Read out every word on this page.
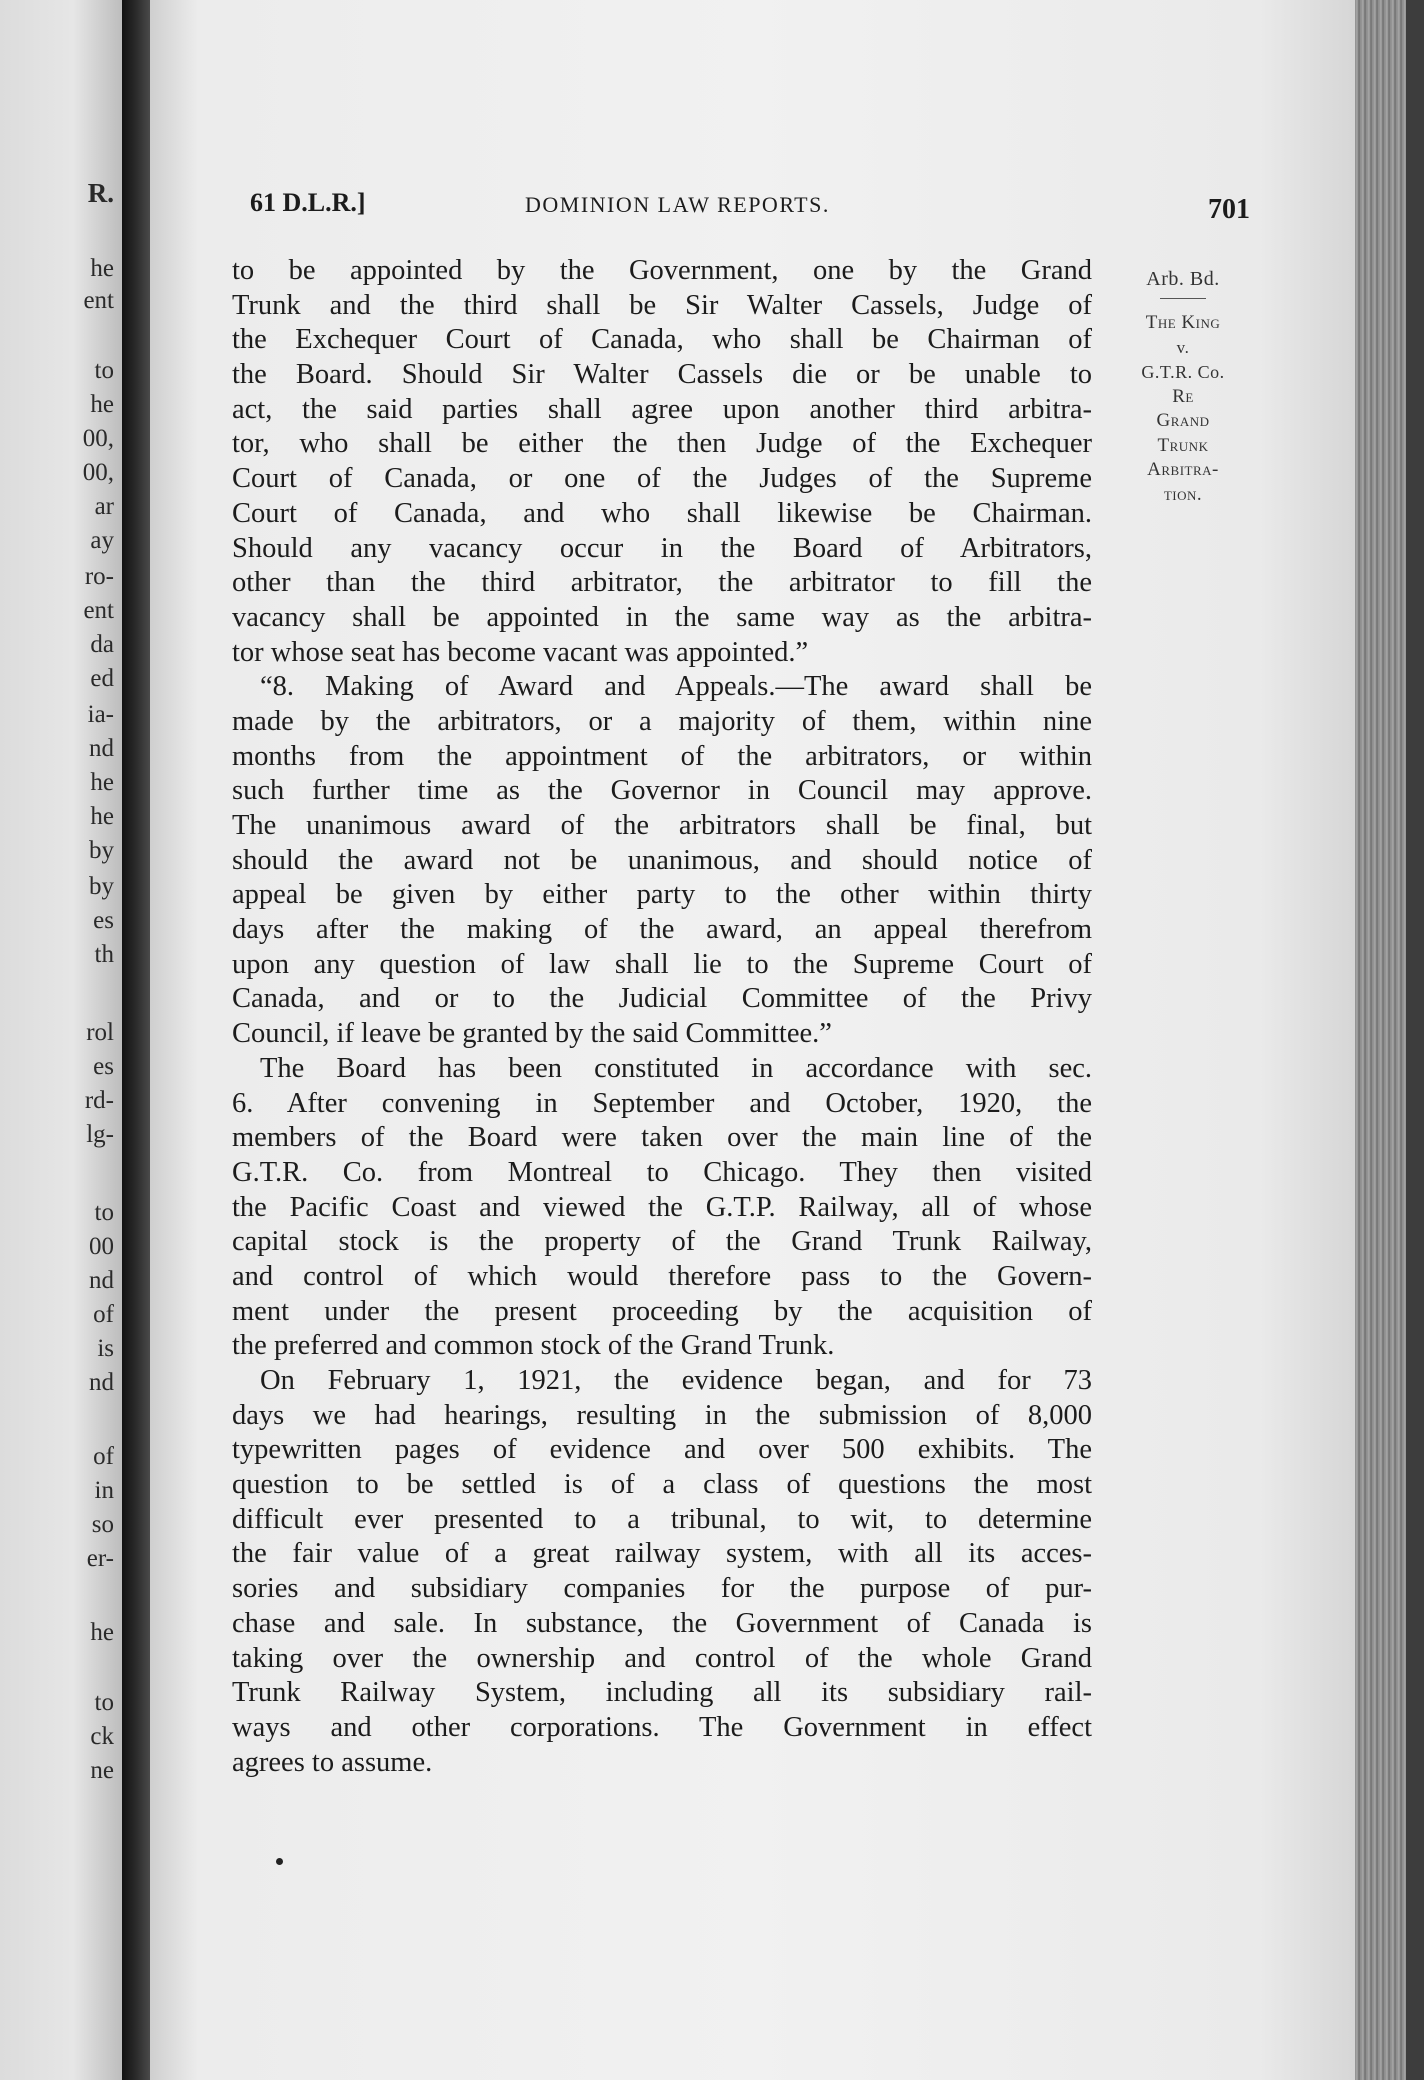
R.
he
ent
to
he
00,
00,
ar
ay
ro-
ent
da
ed
ia-
nd
he
he
by
by
es
th
rol
es
rd-
lg-
to
00
nd
of
is
nd
of
in
so
er-
he
to
ck
ne
61 D.L.R.]	DOMINION LAW REPORTS.	701
Arb. Bd.
The King
v.
G.T.R. Co.
Re
Grand
Trunk
Arbitra-
tion.
to be appointed by the Government, one by the Grand
Trunk and the third shall be Sir Walter Cassels, Judge of
the Exchequer Court of Canada, who shall be Chairman of
the Board. Should Sir Walter Cassels die or be unable to
act, the said parties shall agree upon another third arbitra-
tor, who shall be either the then Judge of the Exchequer
Court of Canada, or one of the Judges of the Supreme
Court of Canada, and who shall likewise be Chairman.
Should any vacancy occur in the Board of Arbitrators,
other than the third arbitrator, the arbitrator to fill the
vacancy shall be appointed in the same way as the arbitra-
tor whose seat has become vacant was appointed.”
“8. Making of Award and Appeals.—The award shall be
made by the arbitrators, or a majority of them, within nine
months from the appointment of the arbitrators, or within
such further time as the Governor in Council may approve.
The unanimous award of the arbitrators shall be final, but
should the award not be unanimous, and should notice of
appeal be given by either party to the other within thirty
days after the making of the award, an appeal therefrom
upon any question of law shall lie to the Supreme Court of
Canada, and or to the Judicial Committee of the Privy
Council, if leave be granted by the said Committee.”
The Board has been constituted in accordance with sec.
6. After convening in September and October, 1920, the
members of the Board were taken over the main line of the
G.T.R. Co. from Montreal to Chicago. They then visited
the Pacific Coast and viewed the G.T.P. Railway, all of whose
capital stock is the property of the Grand Trunk Railway,
and control of which would therefore pass to the Govern-
ment under the present proceeding by the acquisition of
the preferred and common stock of the Grand Trunk.
On February 1, 1921, the evidence began, and for 73
days we had hearings, resulting in the submission of 8,000
typewritten pages of evidence and over 500 exhibits. The
question to be settled is of a class of questions the most
difficult ever presented to a tribunal, to wit, to determine
the fair value of a great railway system, with all its acces-
sories and subsidiary companies for the purpose of pur-
chase and sale. In substance, the Government of Canada is
taking over the ownership and control of the whole Grand
Trunk Railway System, including all its subsidiary rail-
ways and other corporations. The Government in effect
agrees to assume.
